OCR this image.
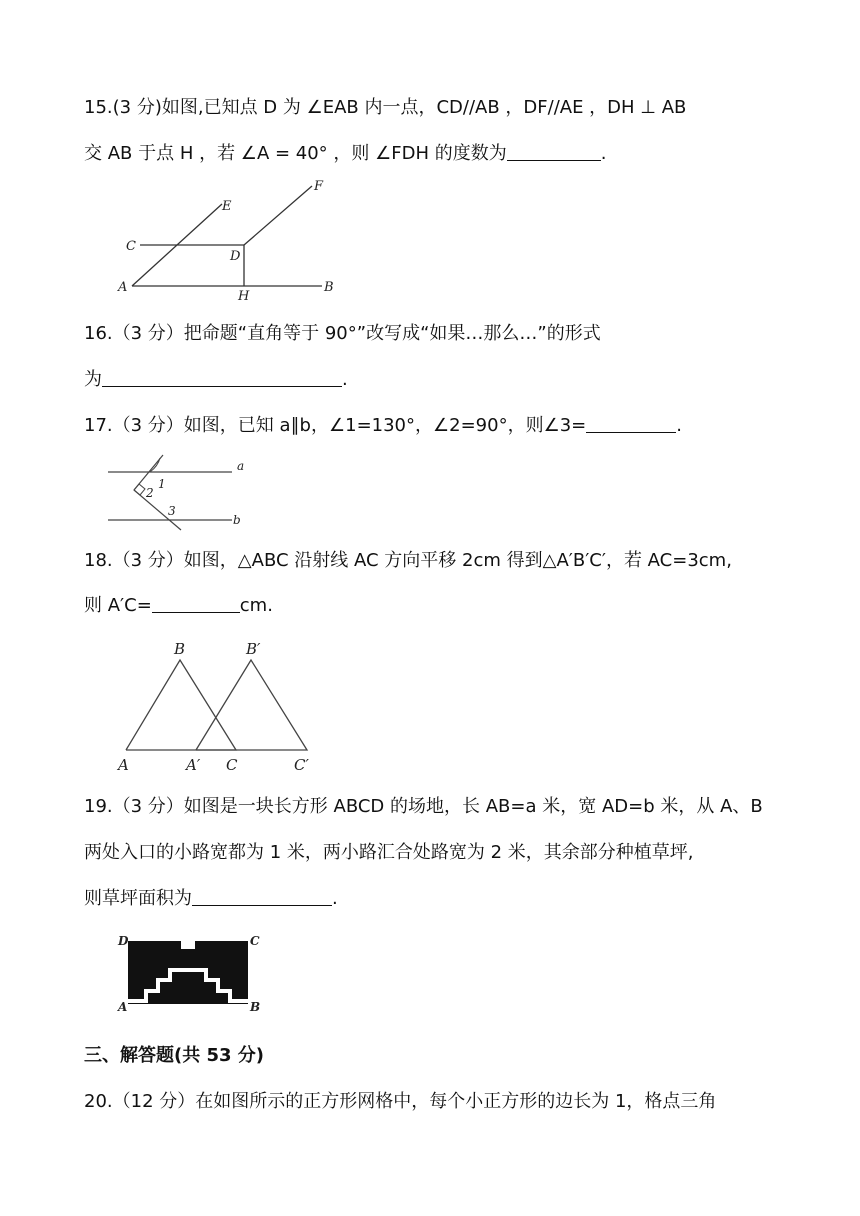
15.(3 分)如图,已知点 D 为 ∠EAB 内一点，CD//AB ，DF//AE ，DH ⊥ AB
交 AB 于点 H ，若 ∠A = 40° ，则 ∠FDH 的度数为	.
E
F
C
D
A
H
B
16.（3 分）把命题“直角等于 90°”改写成“如果…那么…”的形式
为	.
17.（3 分）如图，已知 a∥b，∠1=130°，∠2=90°，则∠3=	.
1
2
3
a
b
18.（3 分）如图，△ABC 沿射线 AC 方向平移 2cm 得到△A′B′C′，若 AC=3cm,
则 A′C=	cm.
B	B′
A	A′ C	C′
19.（3 分）如图是一块长方形 ABCD 的场地，长 AB=a 米，宽 AD=b 米，从 A、B
两处入口的小路宽都为 1 米，两小路汇合处路宽为 2 米，其余部分种植草坪,
则草坪面积为	.
D	C
A	B
三、解答题(共 53 分)
20.（12 分）在如图所示的正方形网格中，每个小正方形的边长为 1，格点三角
